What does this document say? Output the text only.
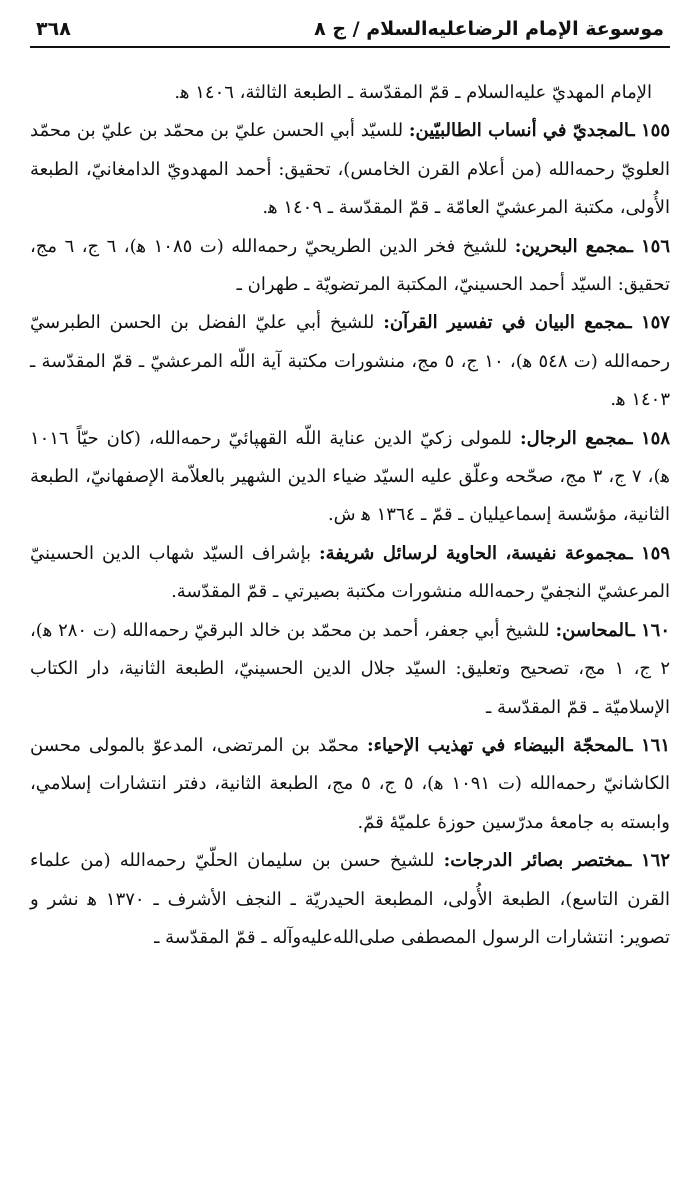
موسوعة الإمام الرضاعليه‌السلام / ج ٨
٣٦٨

الإمام المهديّ عليه‌السلام ـ قمّ المقدّسة ـ الطبعة الثالثة، ١٤٠٦ ه‍.

١٥٥ ـالمجديّ في أنساب الطالبيّين: للسيّد أبي الحسن عليّ بن محمّد بن عليّ بن محمّد العلويّ رحمه‌الله (من أعلام القرن الخامس)، تحقيق: أحمد المهدويّ الدامغانيّ، الطبعة الأُولى، مكتبة المرعشيّ العامّة ـ قمّ المقدّسة ـ ١٤٠٩ ه‍.

١٥٦ ـمجمع البحرين: للشيخ فخر الدين الطريحيّ رحمه‌الله (ت ١٠٨٥ ه‍)، ٦ ج، ٦ مج، تحقيق: السيّد أحمد الحسينيّ، المكتبة المرتضويّة ـ طهران ـ

١٥٧ ـمجمع البيان في تفسير القرآن: للشيخ أبي عليّ الفضل بن الحسن الطبرسيّ رحمه‌الله (ت ٥٤٨ ه‍)، ١٠ ج، ٥ مج، منشورات مكتبة آية اللّه المرعشيّ ـ قمّ المقدّسة ـ ١٤٠٣ ه‍.

١٥٨ ـمجمع الرجال: للمولى زكيّ الدين عناية اللّه القهپائيّ رحمه‌الله، (كان حيّاً ١٠١٦ ه‍)، ٧ ج، ٣ مج، صحّحه وعلّق عليه السيّد ضياء الدين الشهير بالعلاّمة الإصفهانيّ، الطبعة الثانية، مؤسّسة إسماعيليان ـ قمّ ـ ١٣٦٤ ه‍ ش.

١٥٩ ـمجموعة نفيسة، الحاوية لرسائل شريفة: بإشراف السيّد شهاب الدين الحسينيّ المرعشيّ النجفيّ رحمه‌الله منشورات مكتبة بصيرتي ـ قمّ المقدّسة.

١٦٠ ـالمحاسن: للشيخ أبي جعفر، أحمد بن محمّد بن خالد البرقيّ رحمه‌الله (ت ٢٨٠ ه‍)، ٢ ج، ١ مج، تصحيح وتعليق: السيّد جلال الدين الحسينيّ، الطبعة الثانية، دار الكتاب الإسلاميّة ـ قمّ المقدّسة ـ

١٦١ ـالمحجّة البيضاء في تهذيب الإحياء: محمّد بن المرتضى، المدعوّ بالمولى محسن الكاشانيّ رحمه‌الله (ت ١٠٩١ ه‍)، ٥ ج، ٥ مج، الطبعة الثانية، دفتر انتشارات إسلامي، وابسته به جامعهٔ مدرّسين حوزهٔ علميّهٔ قمّ.

١٦٢ ـمختصر بصائر الدرجات: للشيخ حسن بن سليمان الحلّيّ رحمه‌الله (من علماء القرن التاسع)، الطبعة الأُولى، المطبعة الحيدريّة ـ النجف الأشرف ـ ١٣٧٠ ه‍ نشر و تصوير: انتشارات الرسول المصطفى صلى‌الله‌عليه‌وآله ـ قمّ المقدّسة ـ
